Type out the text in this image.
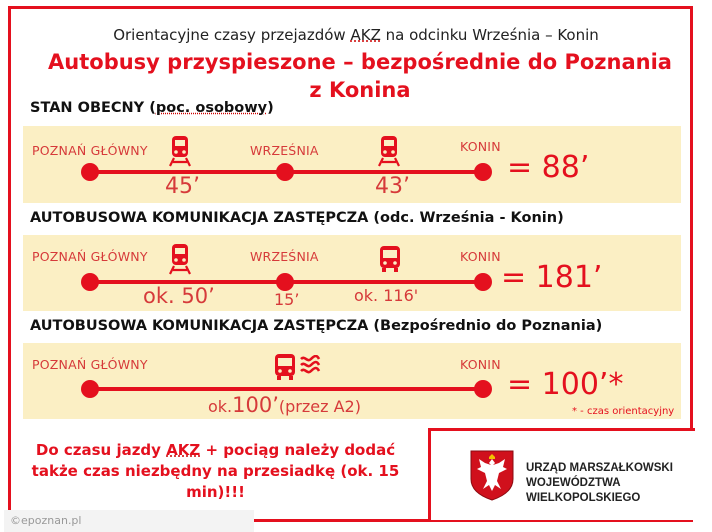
Orientacyjne czasy przejazdów AKZ na odcinku Września – Konin
Autobusy przyspieszone – bezpośrednie do Poznania z Konina
STAN OBECNY (poc. osobowy)
POZNAŃ GŁÓWNY	WRZEŚNIA	KONIN
45’	43’
= 88’
AUTOBUSOWA KOMUNIKACJA ZASTĘPCZA (odc. Września - Konin)
POZNAŃ GŁÓWNY	WRZEŚNIA	KONIN
ok. 50’	15’	ok. 116'
= 181’
AUTOBUSOWA KOMUNIKACJA ZASTĘPCZA (Bezpośrednio do Poznania)
POZNAŃ GŁÓWNY	KONIN
ok.100’(przez A2)
= 100’*
* - czas orientacyjny
Do czasu jazdy AKZ + pociąg należy dodać także czas niezbędny na przesiadkę (ok. 15 min)!!!
URZĄD MARSZAŁKOWSKI
WOJEWÓDZTWA WIELKOPOLSKIEGO
©epoznan.pl
